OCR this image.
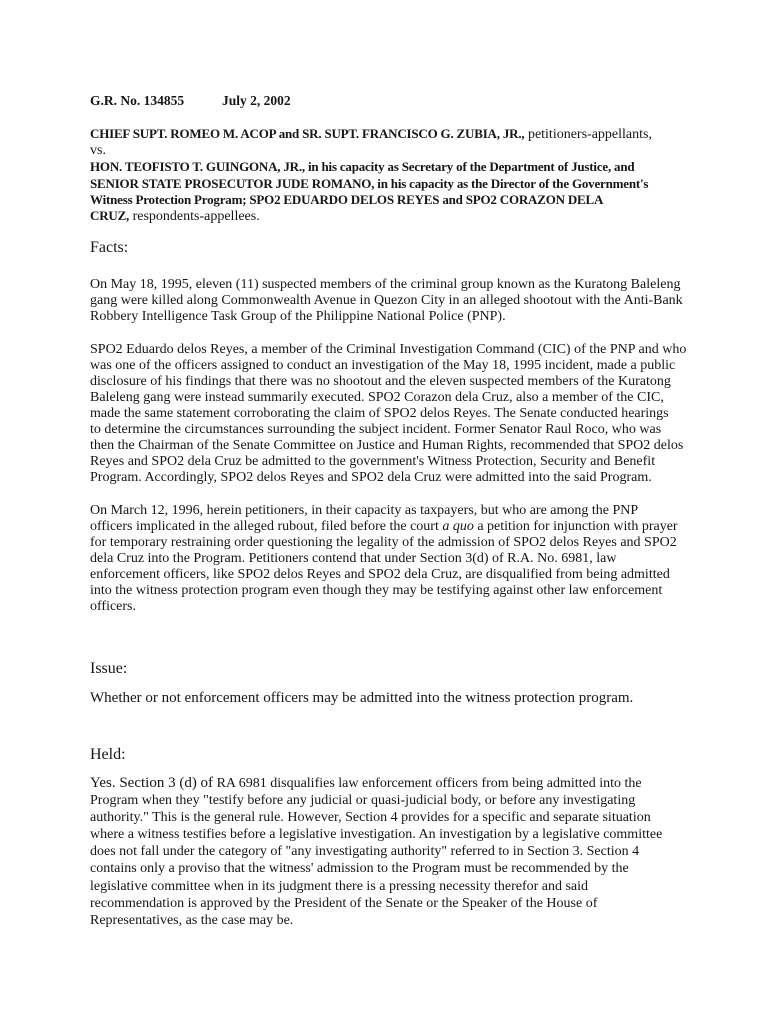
G.R. No. 134855	July 2, 2002
CHIEF SUPT. ROMEO M. ACOP and SR. SUPT. FRANCISCO G. ZUBIA, JR., petitioners-appellants,
vs.
HON. TEOFISTO T. GUINGONA, JR., in his capacity as Secretary of the Department of Justice, and
SENIOR STATE PROSECUTOR JUDE ROMANO, in his capacity as the Director of the Government's
Witness Protection Program; SPO2 EDUARDO DELOS REYES and SPO2 CORAZON DELA
CRUZ, respondents-appellees.
Facts:
On May 18, 1995, eleven (11) suspected members of the criminal group known as the Kuratong Baleleng
gang were killed along Commonwealth Avenue in Quezon City in an alleged shootout with the Anti-Bank
Robbery Intelligence Task Group of the Philippine National Police (PNP).
SPO2 Eduardo delos Reyes, a member of the Criminal Investigation Command (CIC) of the PNP and who
was one of the officers assigned to conduct an investigation of the May 18, 1995 incident, made a public
disclosure of his findings that there was no shootout and the eleven suspected members of the Kuratong
Baleleng gang were instead summarily executed. SPO2 Corazon dela Cruz, also a member of the CIC,
made the same statement corroborating the claim of SPO2 delos Reyes. The Senate conducted hearings
to determine the circumstances surrounding the subject incident. Former Senator Raul Roco, who was
then the Chairman of the Senate Committee on Justice and Human Rights, recommended that SPO2 delos
Reyes and SPO2 dela Cruz be admitted to the government's Witness Protection, Security and Benefit
Program. Accordingly, SPO2 delos Reyes and SPO2 dela Cruz were admitted into the said Program.
On March 12, 1996, herein petitioners, in their capacity as taxpayers, but who are among the PNP
officers implicated in the alleged rubout, filed before the court a quo a petition for injunction with prayer
for temporary restraining order questioning the legality of the admission of SPO2 delos Reyes and SPO2
dela Cruz into the Program. Petitioners contend that under Section 3(d) of R.A. No. 6981, law
enforcement officers, like SPO2 delos Reyes and SPO2 dela Cruz, are disqualified from being admitted
into the witness protection program even though they may be testifying against other law enforcement
officers.
Issue:
Whether or not enforcement officers may be admitted into the witness protection program.
Held:
Yes. Section 3 (d) of RA 6981 disqualifies law enforcement officers from being admitted into the
Program when they "testify before any judicial or quasi-judicial body, or before any investigating
authority." This is the general rule. However, Section 4 provides for a specific and separate situation
where a witness testifies before a legislative investigation. An investigation by a legislative committee
does not fall under the category of "any investigating authority" referred to in Section 3. Section 4
contains only a proviso that the witness' admission to the Program must be recommended by the
legislative committee when in its judgment there is a pressing necessity therefor and said
recommendation is approved by the President of the Senate or the Speaker of the House of
Representatives, as the case may be.
